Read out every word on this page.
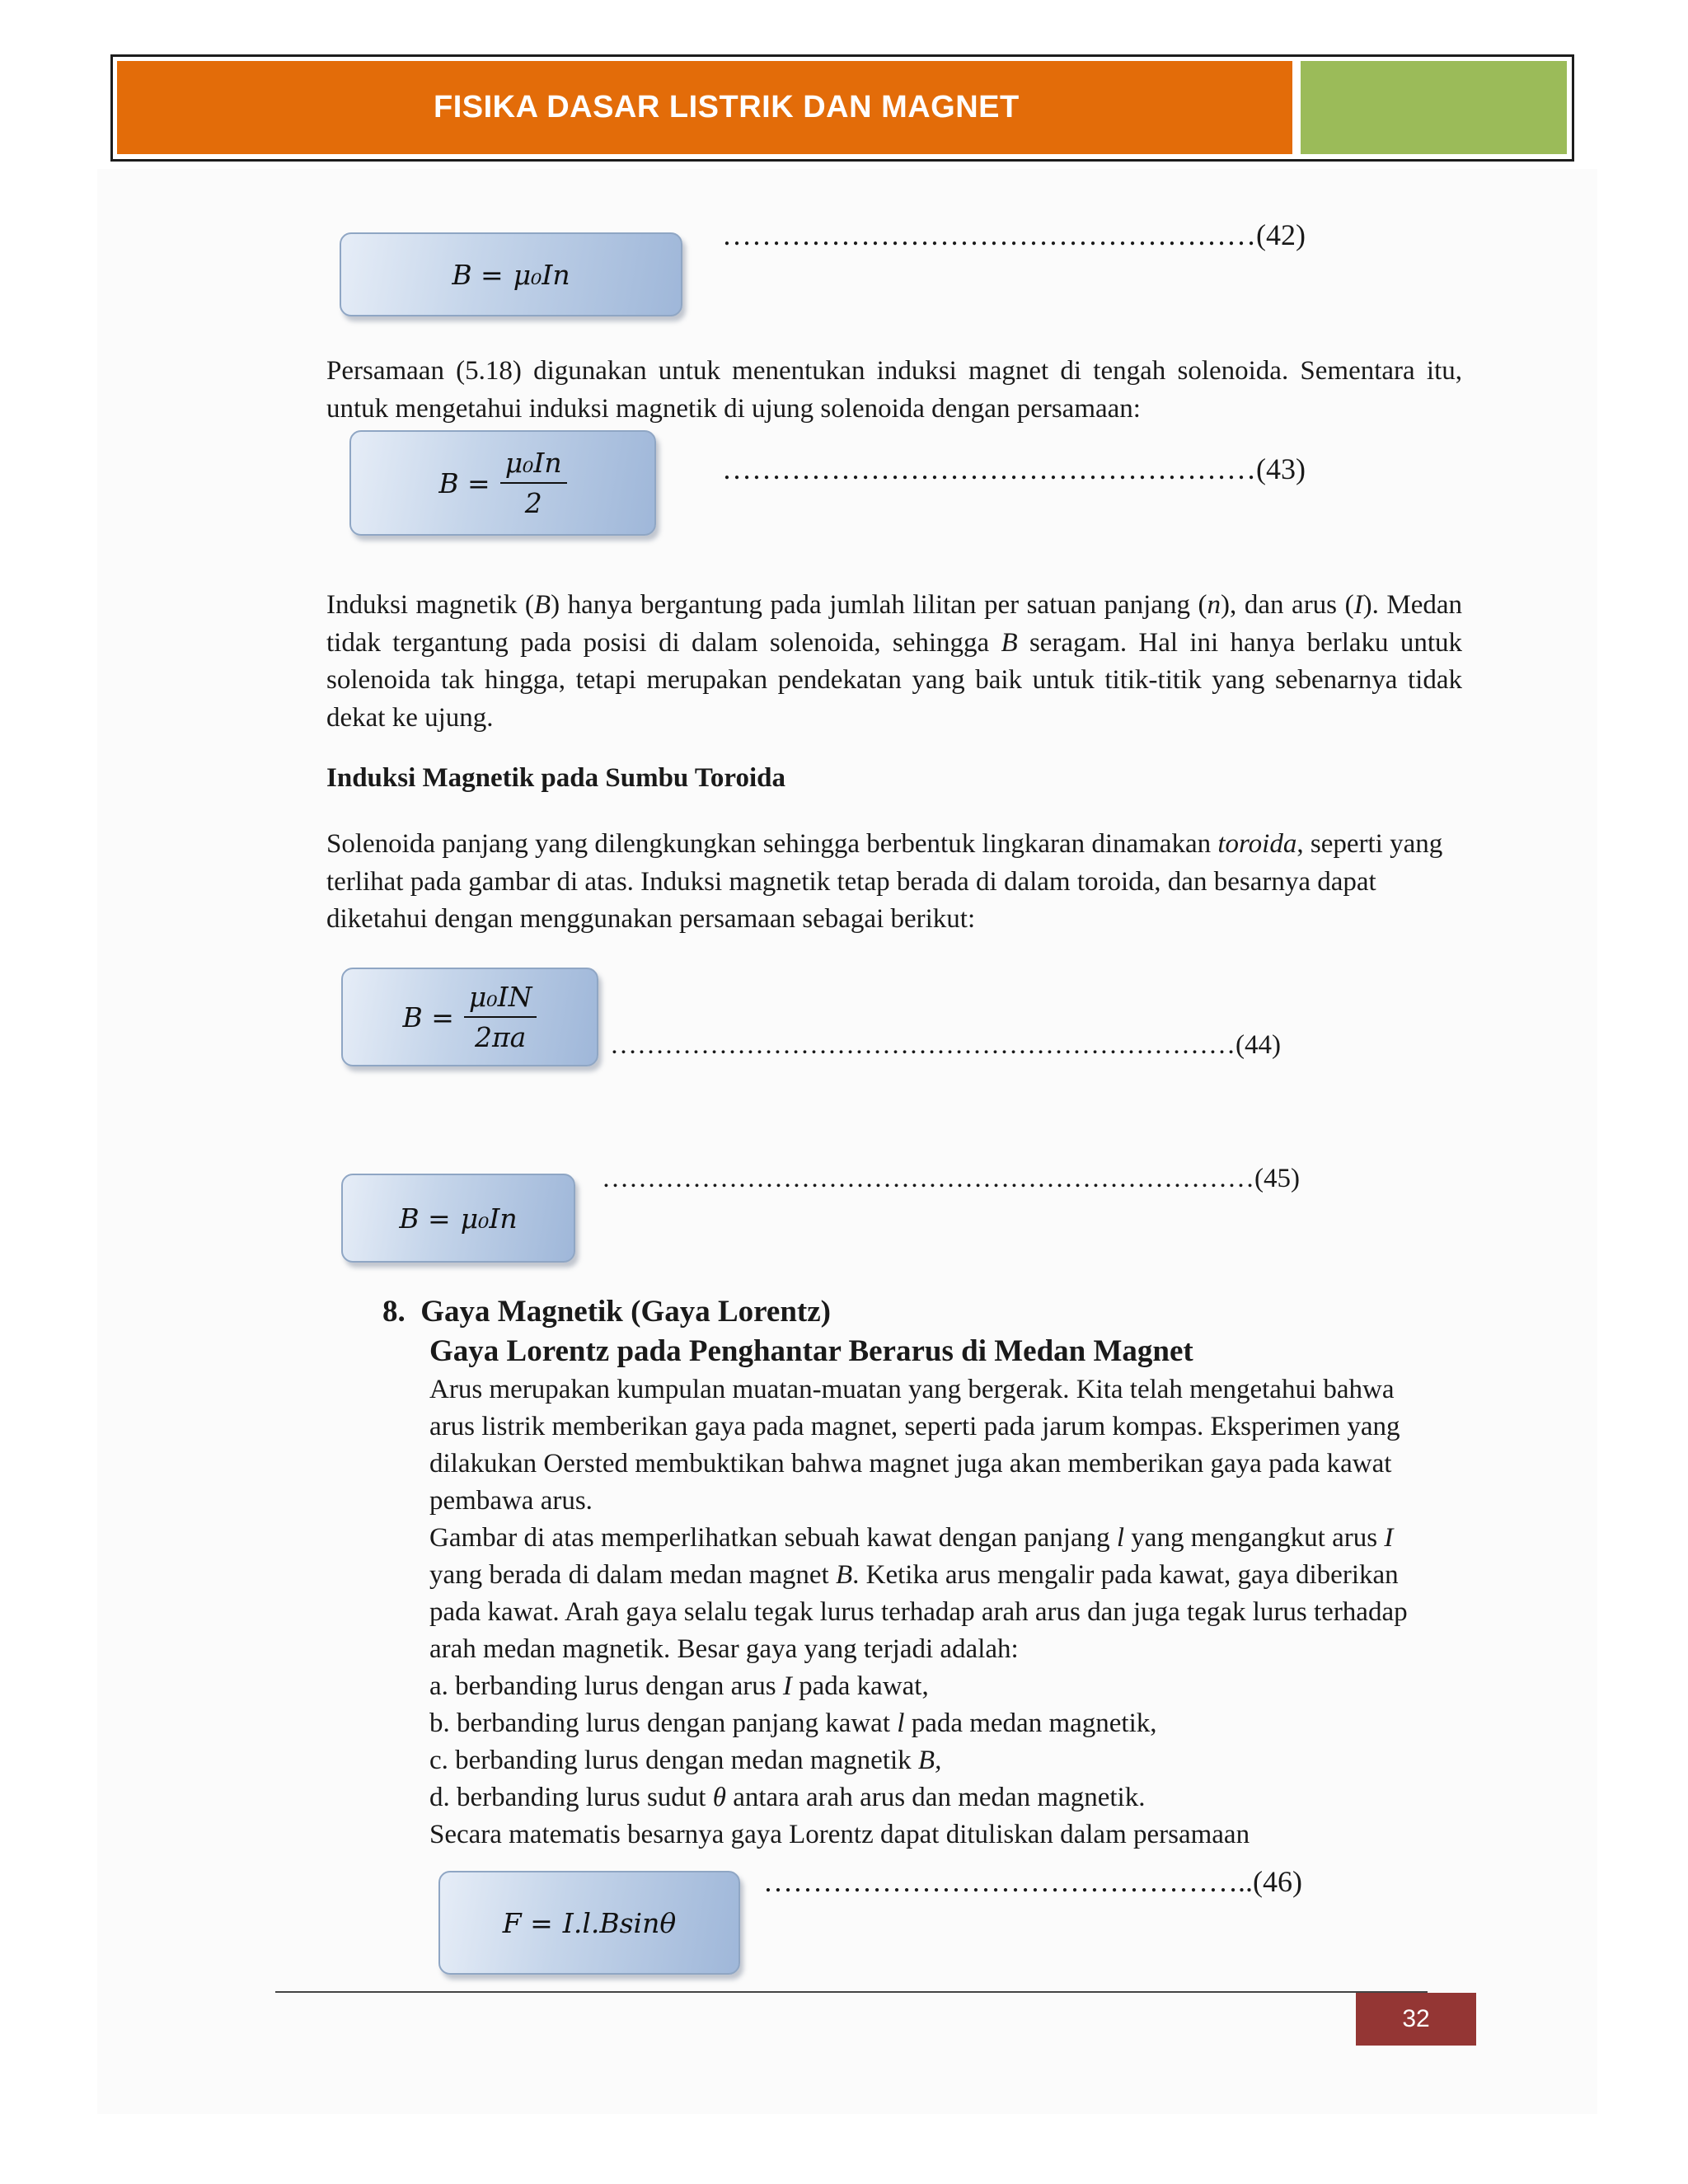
FISIKA DASAR LISTRIK DAN MAGNET
B = μ₀In
………………………………………………(42)

Persamaan (5.18) digunakan untuk menentukan induksi magnet di tengah solenoida. Sementara itu, untuk mengetahui induksi magnetik di ujung solenoida dengan persamaan:

$B = \frac{\text{μ₀In}}{2}$	………………………………………………(43)

Induksi magnetik (B) hanya bergantung pada jumlah lilitan per satuan panjang (n), dan arus (I). Medan tidak tergantung pada posisi di dalam solenoida, sehingga B seragam. Hal ini hanya berlaku untuk solenoida tak hingga, tetapi merupakan pendekatan yang baik untuk titik-titik yang sebenarnya tidak dekat ke ujung.

Induksi Magnetik pada Sumbu Toroida

Solenoida panjang yang dilengkungkan sehingga berbentuk lingkaran dinamakan toroida, seperti yang terlihat pada gambar di atas. Induksi magnetik tetap berada di dalam toroida, dan besarnya dapat diketahui dengan menggunakan persamaan sebagai berikut:

$B = \frac{\text{μ₀IN}}{2\pi a}$	……………………………………………………………(44)
B = μ₀In
………………………………………………………………(45)

8. Gaya Magnetik (Gaya Lorentz)

Gaya Lorentz pada Penghantar Berarus di Medan Magnet

Arus merupakan kumpulan muatan-muatan yang bergerak. Kita telah mengetahui bahwa

arus listrik memberikan gaya pada magnet, seperti pada jarum kompas. Eksperimen yang

dilakukan Oersted membuktikan bahwa magnet juga akan memberikan gaya pada kawat

pembawa arus.

Gambar di atas memperlihatkan sebuah kawat dengan panjang l yang mengangkut arus I

yang berada di dalam medan magnet B. Ketika arus mengalir pada kawat, gaya diberikan

pada kawat. Arah gaya selalu tegak lurus terhadap arah arus dan juga tegak lurus terhadap

arah medan magnetik. Besar gaya yang terjadi adalah:

a. berbanding lurus dengan arus I pada kawat,

b. berbanding lurus dengan panjang kawat l pada medan magnetik,

c. berbanding lurus dengan medan magnetik B,

d. berbanding lurus sudut θ antara arah arus dan medan magnetik.

Secara matematis besarnya gaya Lorentz dapat dituliskan dalam persamaan

F = I.l.Bsinθ
…………………………………………..(46)
32
